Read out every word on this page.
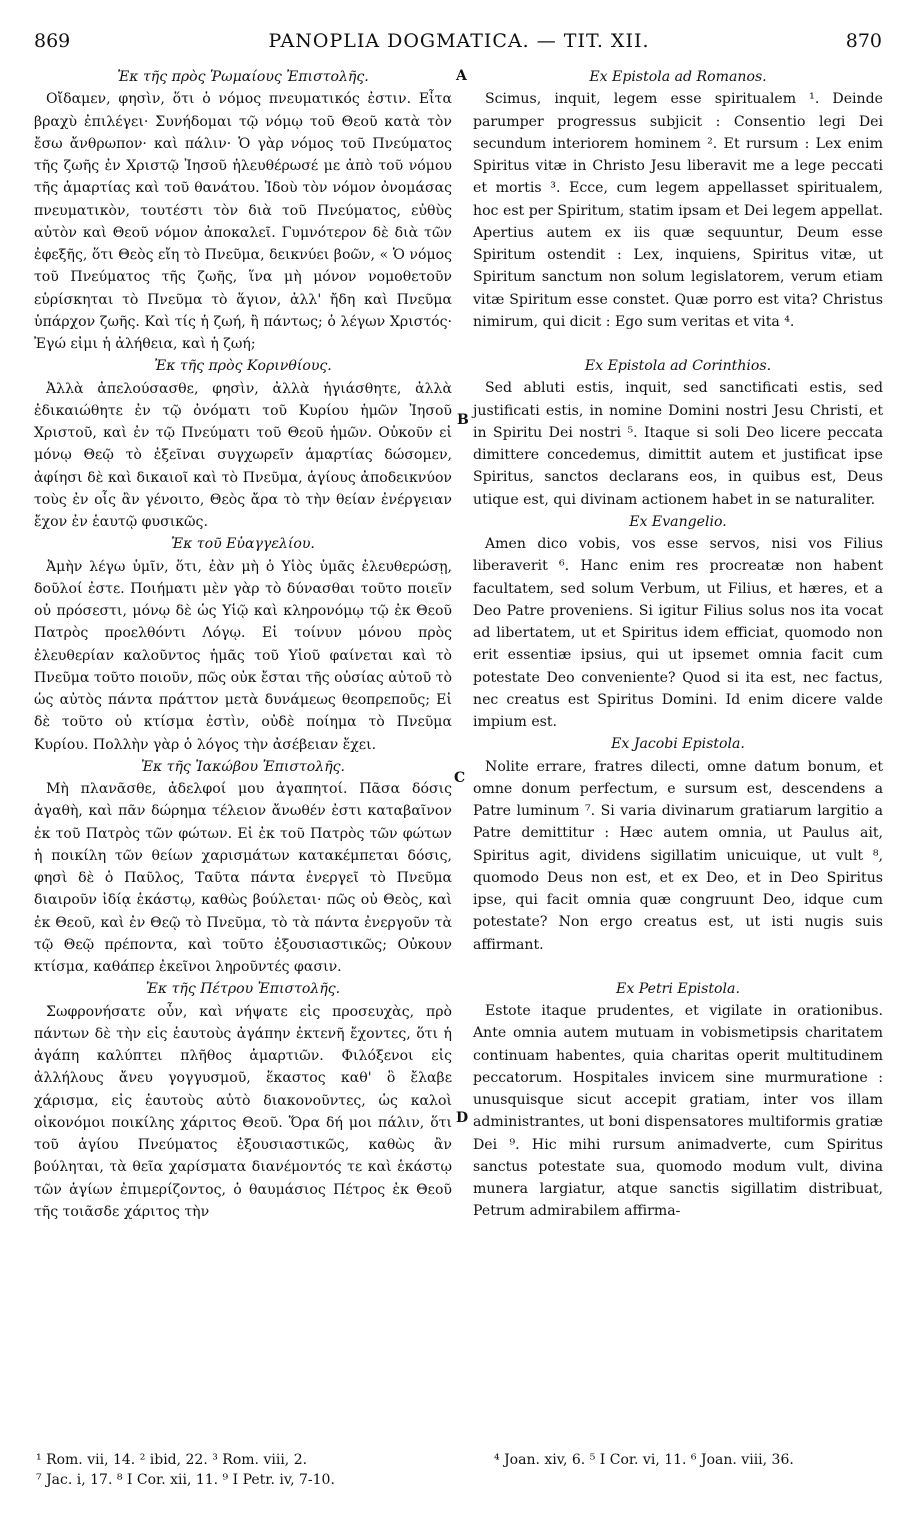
869	PANOPLIA DOGMATICA. — TIT. XII.	870
A
B
C
D

Ἐκ τῆς πρὸς Ῥωμαίους Ἐπιστολῆς.

Οἴδαμεν, φησὶν, ὅτι ὁ νόμος πνευματικός ἐστιν. Εἶτα βραχὺ ἐπιλέγει· Συνήδομαι τῷ νόμῳ τοῦ Θεοῦ κατὰ τὸν ἔσω ἄνθρωπον· καὶ πάλιν· Ὁ γὰρ νόμος τοῦ Πνεύματος τῆς ζωῆς ἐν Χριστῷ Ἰησοῦ ἠλευθέρωσέ με ἀπὸ τοῦ νόμου τῆς ἁμαρτίας καὶ τοῦ θανάτου. Ἰδοὺ τὸν νόμον ὀνομάσας πνευματικὸν, τουτέστι τὸν διὰ τοῦ Πνεύματος, εὐθὺς αὐτὸν καὶ Θεοῦ νόμον ἀποκαλεῖ. Γυμνότερον δὲ διὰ τῶν ἐφεξῆς, ὅτι Θεὸς εἴη τὸ Πνεῦμα, δεικνύει βοῶν, « Ὁ νόμος τοῦ Πνεύματος τῆς ζωῆς, ἵνα μὴ μόνον νομοθετοῦν εὑρίσκηται τὸ Πνεῦμα τὸ ἅγιον, ἀλλ' ἤδη καὶ Πνεῦμα ὑπάρχον ζωῆς. Καὶ τίς ἡ ζωή, ἢ πάντως; ὁ λέγων Χριστός· Ἐγώ εἰμι ἡ ἀλήθεια, καὶ ἡ ζωή;

Ἐκ τῆς πρὸς Κορινθίους.

Ἀλλὰ ἀπελούσασθε, φησὶν, ἀλλὰ ἡγιάσθητε, ἀλλὰ ἐδικαιώθητε ἐν τῷ ὀνόματι τοῦ Κυρίου ἡμῶν Ἰησοῦ Χριστοῦ, καὶ ἐν τῷ Πνεύματι τοῦ Θεοῦ ἡμῶν. Οὐκοῦν εἰ μόνῳ Θεῷ τὸ ἐξεῖναι συγχωρεῖν ἁμαρτίας δώσομεν, ἀφίησι δὲ καὶ δικαιοῖ καὶ τὸ Πνεῦμα, ἁγίους ἀποδεικνύον τοὺς ἐν οἷς ἂν γένοιτο, Θεὸς ἄρα τὸ τὴν θείαν ἐνέργειαν ἔχον ἐν ἑαυτῷ φυσικῶς.

Ἐκ τοῦ Εὐαγγελίου.

Ἀμὴν λέγω ὑμῖν, ὅτι, ἐὰν μὴ ὁ Υἱὸς ὑμᾶς ἐλευθερώσῃ, δοῦλοί ἐστε. Ποιήματι μὲν γὰρ τὸ δύνασθαι τοῦτο ποιεῖν οὐ πρόσεστι, μόνῳ δὲ ὡς Υἱῷ καὶ κληρονόμῳ τῷ ἐκ Θεοῦ Πατρὸς προελθόντι Λόγῳ. Εἰ τοίνυν μόνου πρὸς ἐλευθερίαν καλοῦντος ἡμᾶς τοῦ Υἱοῦ φαίνεται καὶ τὸ Πνεῦμα τοῦτο ποιοῦν, πῶς οὐκ ἔσται τῆς οὐσίας αὐτοῦ τὸ ὡς αὐτὸς πάντα πράττον μετὰ δυνάμεως θεοπρεποῦς; Εἰ δὲ τοῦτο οὐ κτίσμα ἐστὶν, οὐδὲ ποίημα τὸ Πνεῦμα Κυρίου. Πολλὴν γὰρ ὁ λόγος τὴν ἀσέβειαν ἔχει.

Ἐκ τῆς Ἰακώβου Ἐπιστολῆς.

Μὴ πλανᾶσθε, ἀδελφοί μου ἀγαπητοί. Πᾶσα δόσις ἀγαθὴ, καὶ πᾶν δώρημα τέλειον ἄνωθέν ἐστι καταβαῖνον ἐκ τοῦ Πατρὸς τῶν φώτων. Εἰ ἐκ τοῦ Πατρὸς τῶν φώτων ἡ ποικίλη τῶν θείων χαρισμάτων κατακέμπεται δόσις, φησὶ δὲ ὁ Παῦλος, Ταῦτα πάντα ἐνεργεῖ τὸ Πνεῦμα διαιροῦν ἰδίᾳ ἑκάστῳ, καθὼς βούλεται· πῶς οὐ Θεὸς, καὶ ἐκ Θεοῦ, καὶ ἐν Θεῷ τὸ Πνεῦμα, τὸ τὰ πάντα ἐνεργοῦν τὰ τῷ Θεῷ πρέποντα, καὶ τοῦτο ἐξουσιαστικῶς; Οὐκουν κτίσμα, καθάπερ ἐκεῖνοι ληροῦντές φασιν.

Ἐκ τῆς Πέτρου Ἐπιστολῆς.

Σωφρονήσατε οὖν, καὶ νήψατε εἰς προσευχὰς, πρὸ πάντων δὲ τὴν εἰς ἑαυτοὺς ἀγάπην ἐκτενῆ ἔχοντες, ὅτι ἡ ἀγάπη καλύπτει πλῆθος ἁμαρτιῶν. Φιλόξενοι εἰς ἀλλήλους ἄνευ γογγυσμοῦ, ἕκαστος καθ' ὃ ἔλαβε χάρισμα, εἰς ἑαυτοὺς αὐτὸ διακονοῦντες, ὡς καλοὶ οἰκονόμοι ποικίλης χάριτος Θεοῦ. Ὅρα δή μοι πάλιν, ὅτι τοῦ ἁγίου Πνεύματος ἐξουσιαστικῶς, καθὼς ἂν βούληται, τὰ θεῖα χαρίσματα διανέμοντός τε καὶ ἑκάστῳ τῶν ἁγίων ἐπιμερίζοντος, ὁ θαυμάσιος Πέτρος ἐκ Θεοῦ τῆς τοιᾶσδε χάριτος τὴν

Ex Epistola ad Romanos.

Scimus, inquit, legem esse spiritualem ¹. Deinde parumper progressus subjicit : Consentio legi Dei secundum interiorem hominem ². Et rursum : Lex enim Spiritus vitæ in Christo Jesu liberavit me a lege peccati et mortis ³. Ecce, cum legem appellasset spiritualem, hoc est per Spiritum, statim ipsam et Dei legem appellat. Apertius autem ex iis quæ sequuntur, Deum esse Spiritum ostendit : Lex, inquiens, Spiritus vitæ, ut Spiritum sanctum non solum legislatorem, verum etiam vitæ Spiritum esse constet. Quæ porro est vita? Christus nimirum, qui dicit : Ego sum veritas et vita ⁴.

Ex Epistola ad Corinthios.

Sed abluti estis, inquit, sed sanctificati estis, sed justificati estis, in nomine Domini nostri Jesu Christi, et in Spiritu Dei nostri ⁵. Itaque si soli Deo licere peccata dimittere concedemus, dimittit autem et justificat ipse Spiritus, sanctos declarans eos, in quibus est, Deus utique est, qui divinam actionem habet in se naturaliter.

Ex Evangelio.

Amen dico vobis, vos esse servos, nisi vos Filius liberaverit ⁶. Hanc enim res procreatæ non habent facultatem, sed solum Verbum, ut Filius, et hæres, et a Deo Patre proveniens. Si igitur Filius solus nos ita vocat ad libertatem, ut et Spiritus idem efficiat, quomodo non erit essentiæ ipsius, qui ut ipsemet omnia facit cum potestate Deo conveniente? Quod si ita est, nec factus, nec creatus est Spiritus Domini. Id enim dicere valde impium est.

Ex Jacobi Epistola.

Nolite errare, fratres dilecti, omne datum bonum, et omne donum perfectum, e sursum est, descendens a Patre luminum ⁷. Si varia divinarum gratiarum largitio a Patre demittitur : Hæc autem omnia, ut Paulus ait, Spiritus agit, dividens sigillatim unicuique, ut vult ⁸, quomodo Deus non est, et ex Deo, et in Deo Spiritus ipse, qui facit omnia quæ congruunt Deo, idque cum potestate? Non ergo creatus est, ut isti nugis suis affirmant.

Ex Petri Epistola.

Estote itaque prudentes, et vigilate in orationibus. Ante omnia autem mutuam in vobismetipsis charitatem continuam habentes, quia charitas operit multitudinem peccatorum. Hospitales invicem sine murmuratione : unusquisque sicut accepit gratiam, inter vos illam administrantes, ut boni dispensatores multiformis gratiæ Dei ⁹. Hic mihi rursum animadverte, cum Spiritus sanctus potestate sua, quomodo modum vult, divina munera largiatur, atque sanctis sigillatim distribuat, Petrum admirabilem affirma-

¹ Rom. vii, 14. ² ibid, 22. ³ Rom. viii, 2.
⁷ Jac. i, 17. ⁸ I Cor. xii, 11. ⁹ I Petr. iv, 7-10.
⁴ Joan. xiv, 6. ⁵ I Cor. vi, 11. ⁶ Joan. viii, 36.
